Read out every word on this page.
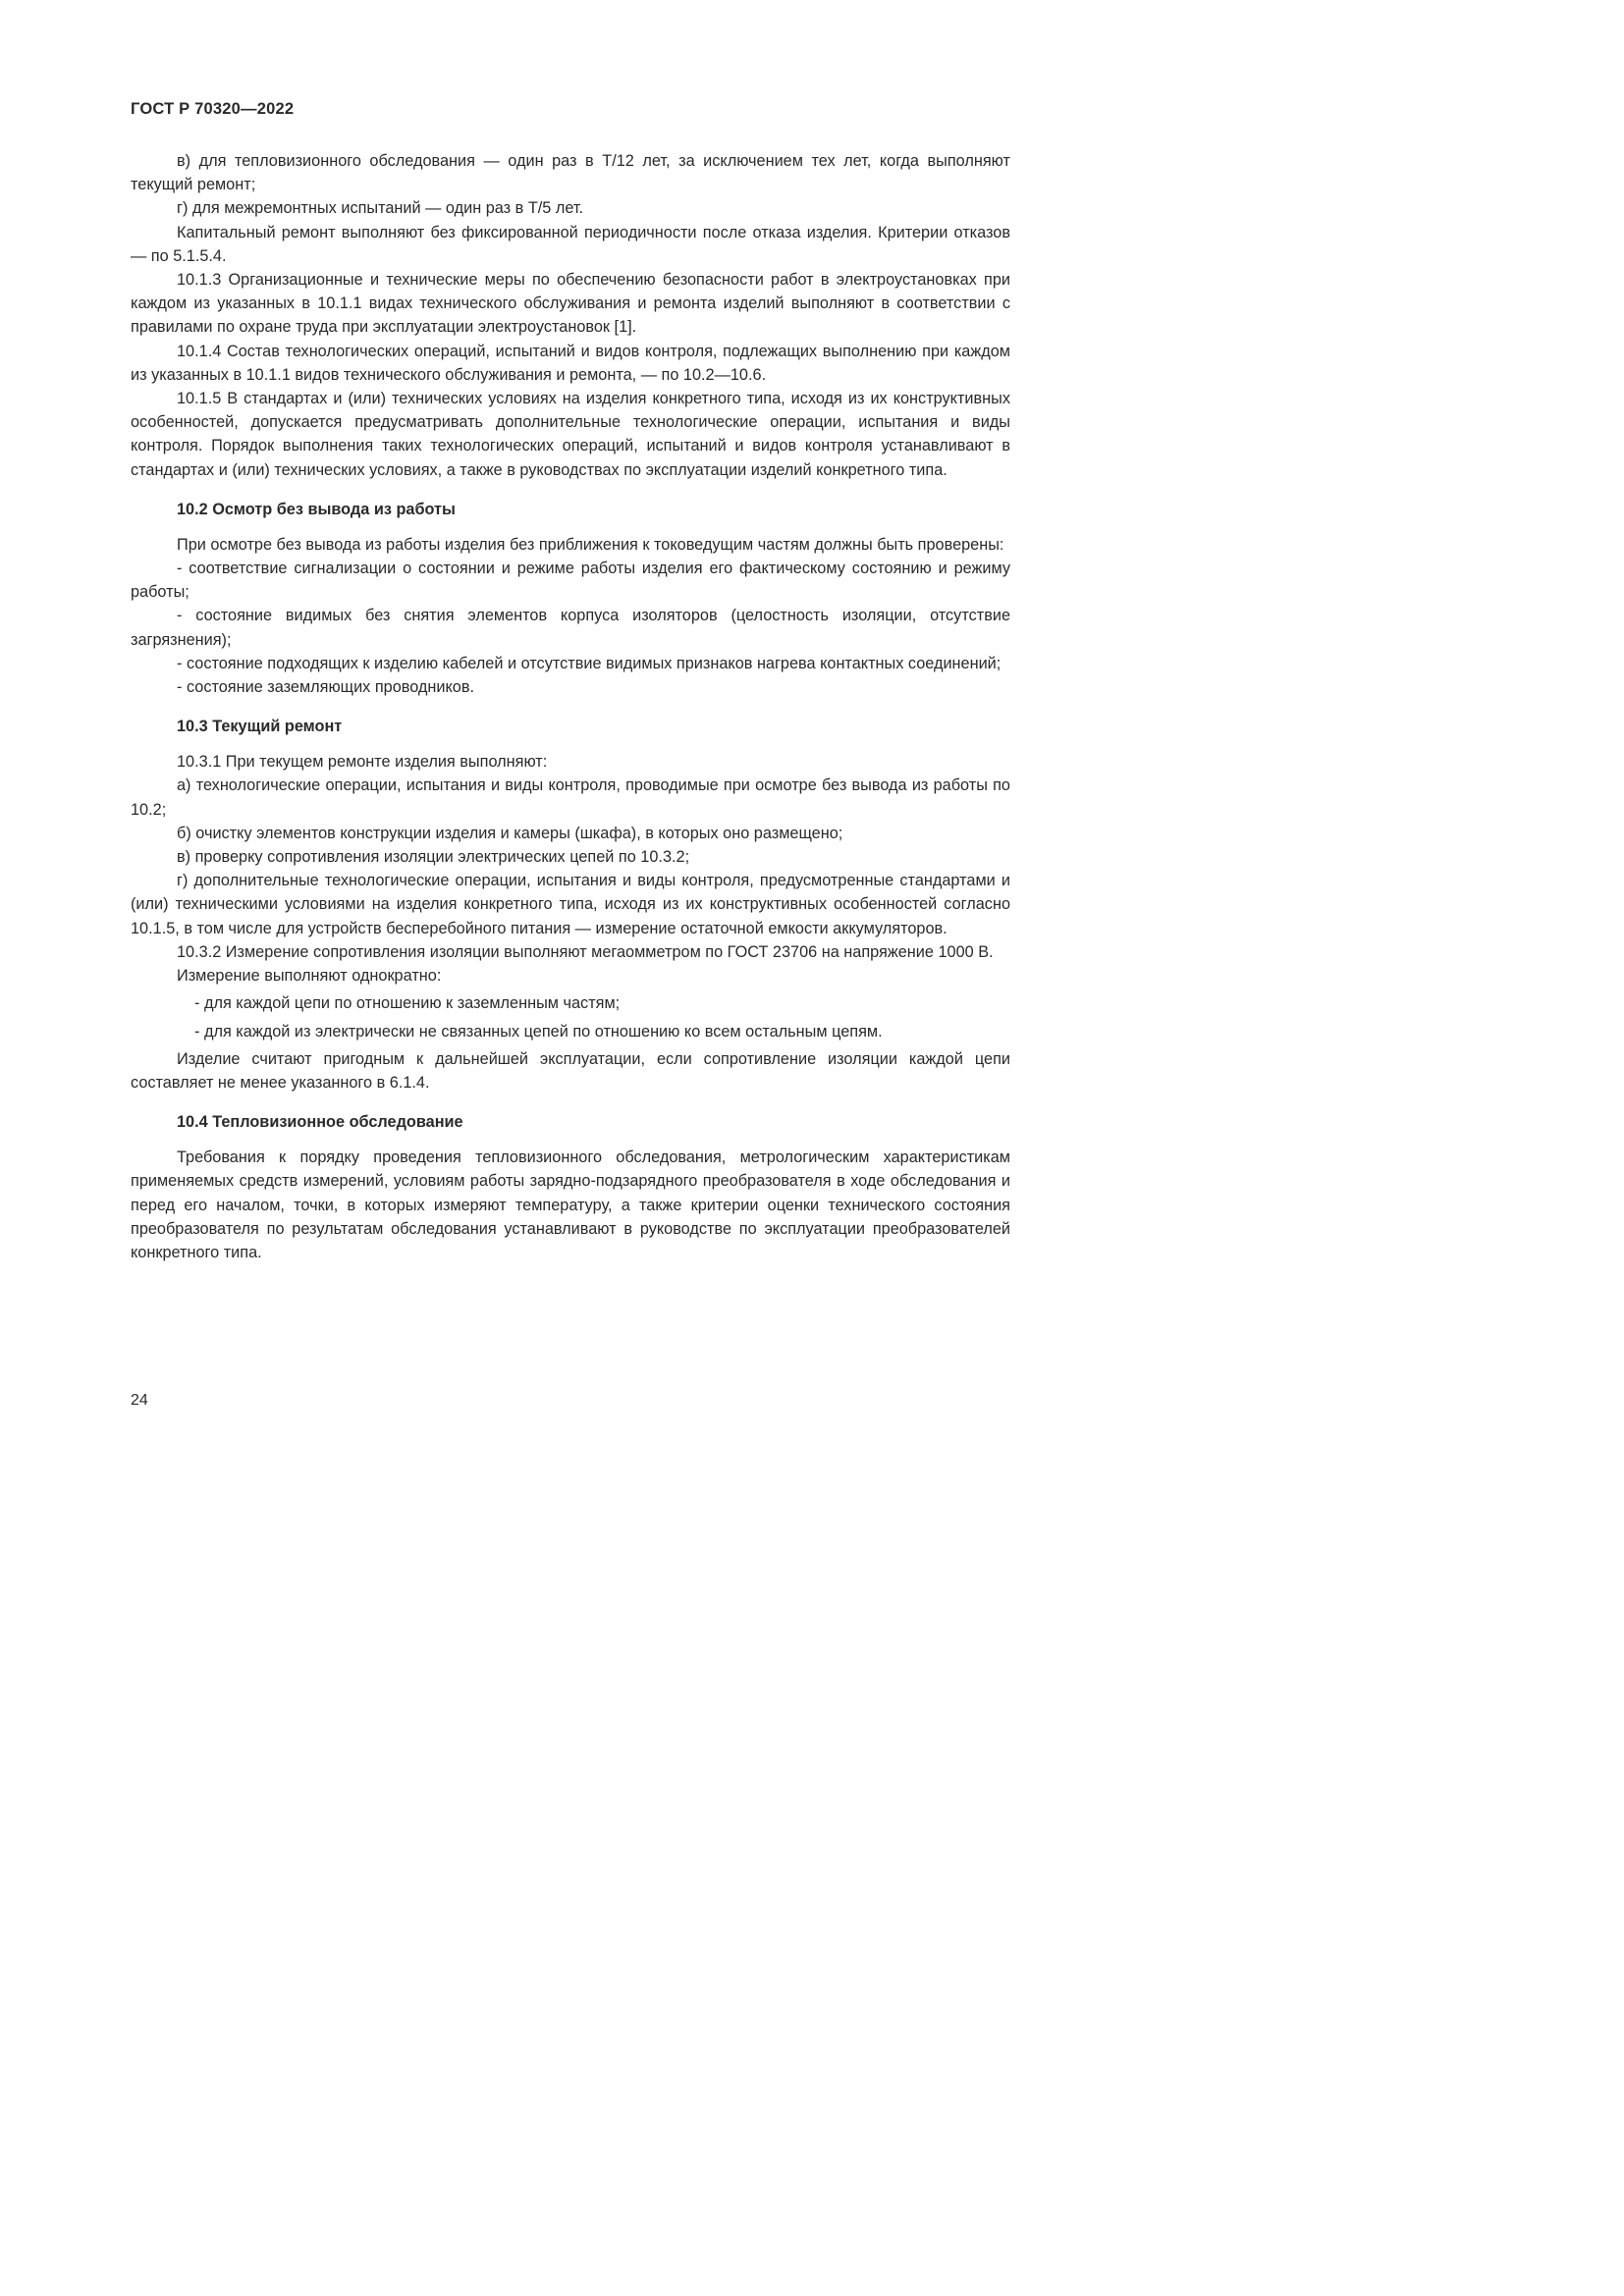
ГОСТ Р 70320—2022

в) для тепловизионного обследования — один раз в T/12 лет, за исключением тех лет, когда выполняют текущий ремонт;

г) для межремонтных испытаний — один раз в T/5 лет.

Капитальный ремонт выполняют без фиксированной периодичности после отказа изделия. Критерии отказов — по 5.1.5.4.

10.1.3 Организационные и технические меры по обеспечению безопасности работ в электроустановках при каждом из указанных в 10.1.1 видах технического обслуживания и ремонта изделий выполняют в соответствии с правилами по охране труда при эксплуатации электроустановок [1].

10.1.4 Состав технологических операций, испытаний и видов контроля, подлежащих выполнению при каждом из указанных в 10.1.1 видов технического обслуживания и ремонта, — по 10.2—10.6.

10.1.5 В стандартах и (или) технических условиях на изделия конкретного типа, исходя из их конструктивных особенностей, допускается предусматривать дополнительные технологические операции, испытания и виды контроля. Порядок выполнения таких технологических операций, испытаний и видов контроля устанавливают в стандартах и (или) технических условиях, а также в руководствах по эксплуатации изделий конкретного типа.

10.2 Осмотр без вывода из работы

При осмотре без вывода из работы изделия без приближения к токоведущим частям должны быть проверены:

- соответствие сигнализации о состоянии и режиме работы изделия его фактическому состоянию и режиму работы;

- состояние видимых без снятия элементов корпуса изоляторов (целостность изоляции, отсутствие загрязнения);

- состояние подходящих к изделию кабелей и отсутствие видимых признаков нагрева контактных соединений;

- состояние заземляющих проводников.

10.3 Текущий ремонт

10.3.1 При текущем ремонте изделия выполняют:

а) технологические операции, испытания и виды контроля, проводимые при осмотре без вывода из работы по 10.2;

б) очистку элементов конструкции изделия и камеры (шкафа), в которых оно размещено;

в) проверку сопротивления изоляции электрических цепей по 10.3.2;

г) дополнительные технологические операции, испытания и виды контроля, предусмотренные стандартами и (или) техническими условиями на изделия конкретного типа, исходя из их конструктивных особенностей согласно 10.1.5, в том числе для устройств бесперебойного питания — измерение остаточной емкости аккумуляторов.

10.3.2 Измерение сопротивления изоляции выполняют мегаомметром по ГОСТ 23706 на напряжение 1000 В.

Измерение выполняют однократно:

- для каждой цепи по отношению к заземленным частям;

- для каждой из электрически не связанных цепей по отношению ко всем остальным цепям.

Изделие считают пригодным к дальнейшей эксплуатации, если сопротивление изоляции каждой цепи составляет не менее указанного в 6.1.4.

10.4 Тепловизионное обследование

Требования к порядку проведения тепловизионного обследования, метрологическим характеристикам применяемых средств измерений, условиям работы зарядно-подзарядного преобразователя в ходе обследования и перед его началом, точки, в которых измеряют температуру, а также критерии оценки технического состояния преобразователя по результатам обследования устанавливают в руководстве по эксплуатации преобразователей конкретного типа.

24
